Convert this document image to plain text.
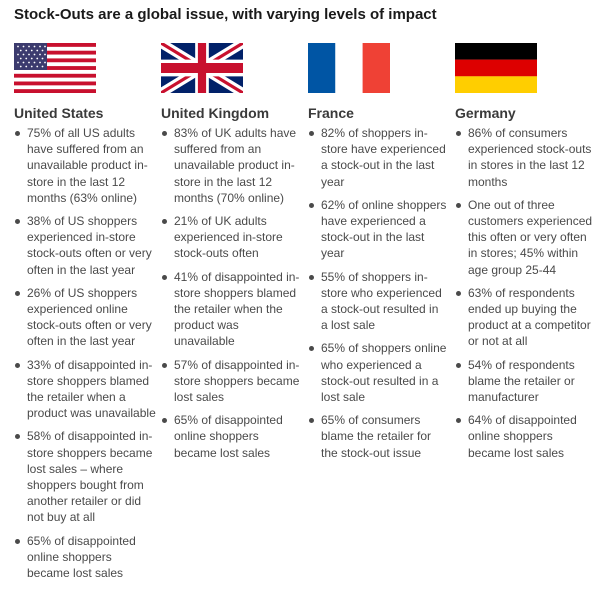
Stock-Outs are a global issue, with varying levels of impact
United States
75% of all US adults have suffered from an unavailable product in-store in the last 12 months (63% online)
38% of US shoppers experienced in-store stock-outs often or very often in the last year
26% of US shoppers experienced online stock-outs often or very often in the last year
33% of disappointed in-store shoppers blamed the retailer when a product was unavailable
58% of disappointed in-store shoppers became lost sales – where shoppers bought from another retailer or did not buy at all
65% of disappointed online shoppers became lost sales
United Kingdom
83% of UK adults have suffered from an unavailable product in-store in the last 12 months (70% online)
21% of UK adults experienced in-store stock-outs often
41% of disappointed in-store shoppers blamed the retailer when the product was unavailable
57% of disappointed in-store shoppers became lost sales
65% of disappointed online shoppers became lost sales
France
82% of shoppers in-store have experienced a stock-out in the last year
62% of online shoppers have experienced a stock-out in the last year
55% of shoppers in-store who experienced a stock-out resulted in a lost sale
65% of shoppers online who experienced a stock-out resulted in a lost sale
65% of consumers blame the retailer for the stock-out issue
Germany
86% of consumers experienced stock-outs in stores in the last 12 months
One out of three customers experienced this often or very often in stores; 45% within age group 25-44
63% of respondents ended up buying the product at a competitor or not at all
54% of respondents blame the retailer or manufacturer
64% of disappointed online shoppers became lost sales
